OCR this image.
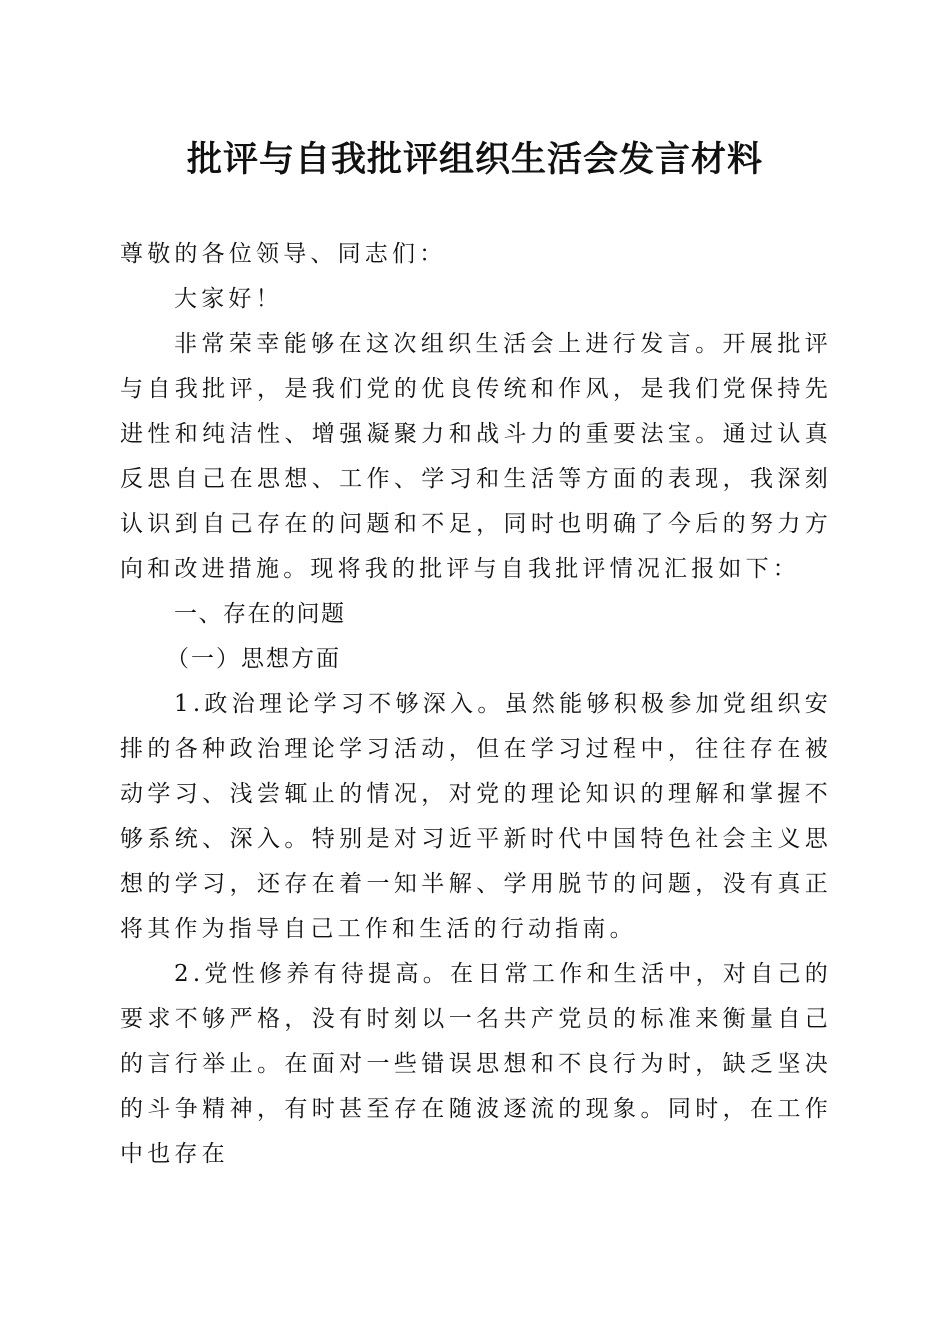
批评与自我批评组织生活会发言材料

尊敬的各位领导、同志们：

大家好！

非常荣幸能够在这次组织生活会上进行发言。开展批评与自我批评，是我们党的优良传统和作风，是我们党保持先进性和纯洁性、增强凝聚力和战斗力的重要法宝。通过认真反思自己在思想、工作、学习和生活等方面的表现，我深刻认识到自己存在的问题和不足，同时也明确了今后的努力方向和改进措施。现将我的批评与自我批评情况汇报如下：

一、存在的问题

（一）思想方面

1.政治理论学习不够深入。虽然能够积极参加党组织安排的各种政治理论学习活动，但在学习过程中，往往存在被动学习、浅尝辄止的情况，对党的理论知识的理解和掌握不够系统、深入。特别是对习近平新时代中国特色社会主义思想的学习，还存在着一知半解、学用脱节的问题，没有真正将其作为指导自己工作和生活的行动指南。

2.党性修养有待提高。在日常工作和生活中，对自己的要求不够严格，没有时刻以一名共产党员的标准来衡量自己的言行举止。在面对一些错误思想和不良行为时，缺乏坚决的斗争精神，有时甚至存在随波逐流的现象。同时，在工作中也存在
